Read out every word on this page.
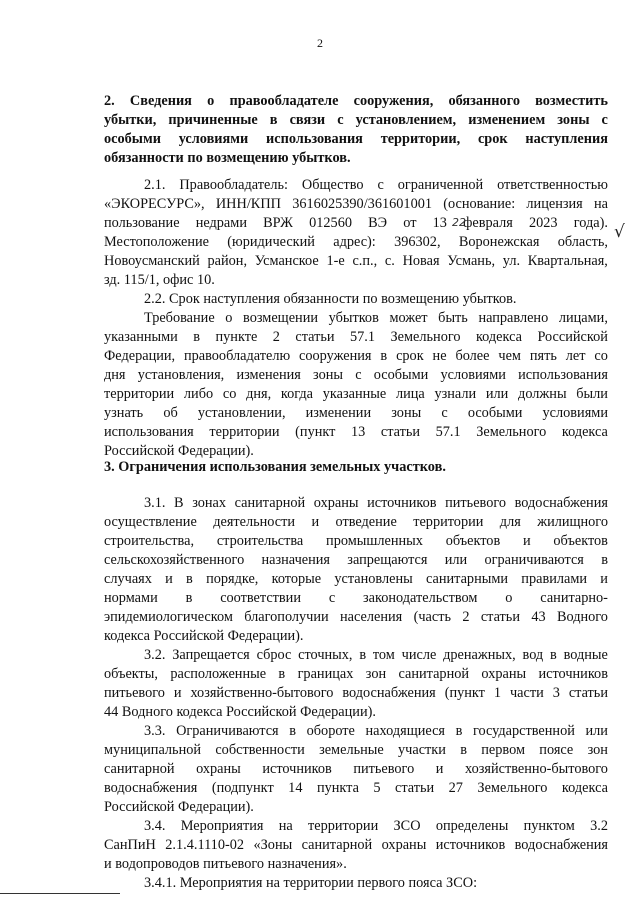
2
2. Сведения о правообладателе сооружения, обязанного возместить
убытки, причиненные в связи с установлением, изменением зоны с
особыми условиями использования территории, срок наступления
обязанности по возмещению убытков.
2.1. Правообладатель: Общество с ограниченной ответственностью
«ЭКОРЕСУРС», ИНН/КПП 3616025390/361601001 (основание: лицензия на
пользование недрами ВРЖ 012560 ВЭ от 13 февраля 2023 года).
Местоположение (юридический адрес): 396302, Воронежская область,
Новоусманский район, Усманское 1-е с.п., с. Новая Усмань, ул. Квартальная,
зд. 115/1, офис 10.
2.2. Срок наступления обязанности по возмещению убытков.
Требование о возмещении убытков может быть направлено лицами,
указанными в пункте 2 статьи 57.1 Земельного кодекса Российской
Федерации, правообладателю сооружения в срок не более чем пять лет со
дня установления, изменения зоны с особыми условиями использования
территории либо со дня, когда указанные лица узнали или должны были
узнать об установлении, изменении зоны с особыми условиями
использования территории (пункт 13 статьи 57.1 Земельного кодекса
Российской Федерации).
3. Ограничения использования земельных участков.
3.1. В зонах санитарной охраны источников питьевого водоснабжения
осуществление деятельности и отведение территории для жилищного
строительства, строительства промышленных объектов и объектов
сельскохозяйственного назначения запрещаются или ограничиваются в
случаях и в порядке, которые установлены санитарными правилами и
нормами в соответствии с законодательством о санитарно-
эпидемиологическом благополучии населения (часть 2 статьи 43 Водного
кодекса Российской Федерации).
3.2. Запрещается сброс сточных, в том числе дренажных, вод в водные
объекты, расположенные в границах зон санитарной охраны источников
питьевого и хозяйственно-бытового водоснабжения (пункт 1 части 3 статьи
44 Водного кодекса Российской Федерации).
3.3. Ограничиваются в обороте находящиеся в государственной или
муниципальной собственности земельные участки в первом поясе зон
санитарной охраны источников питьевого и хозяйственно-бытового
водоснабжения (подпункт 14 пункта 5 статьи 27 Земельного кодекса
Российской Федерации).
3.4. Мероприятия на территории ЗСО определены пунктом 3.2
СанПиН 2.1.4.1110-02 «Зоны санитарной охраны источников водоснабжения
и водопроводов питьевого назначения».
3.4.1. Мероприятия на территории первого пояса ЗСО:
√
22
